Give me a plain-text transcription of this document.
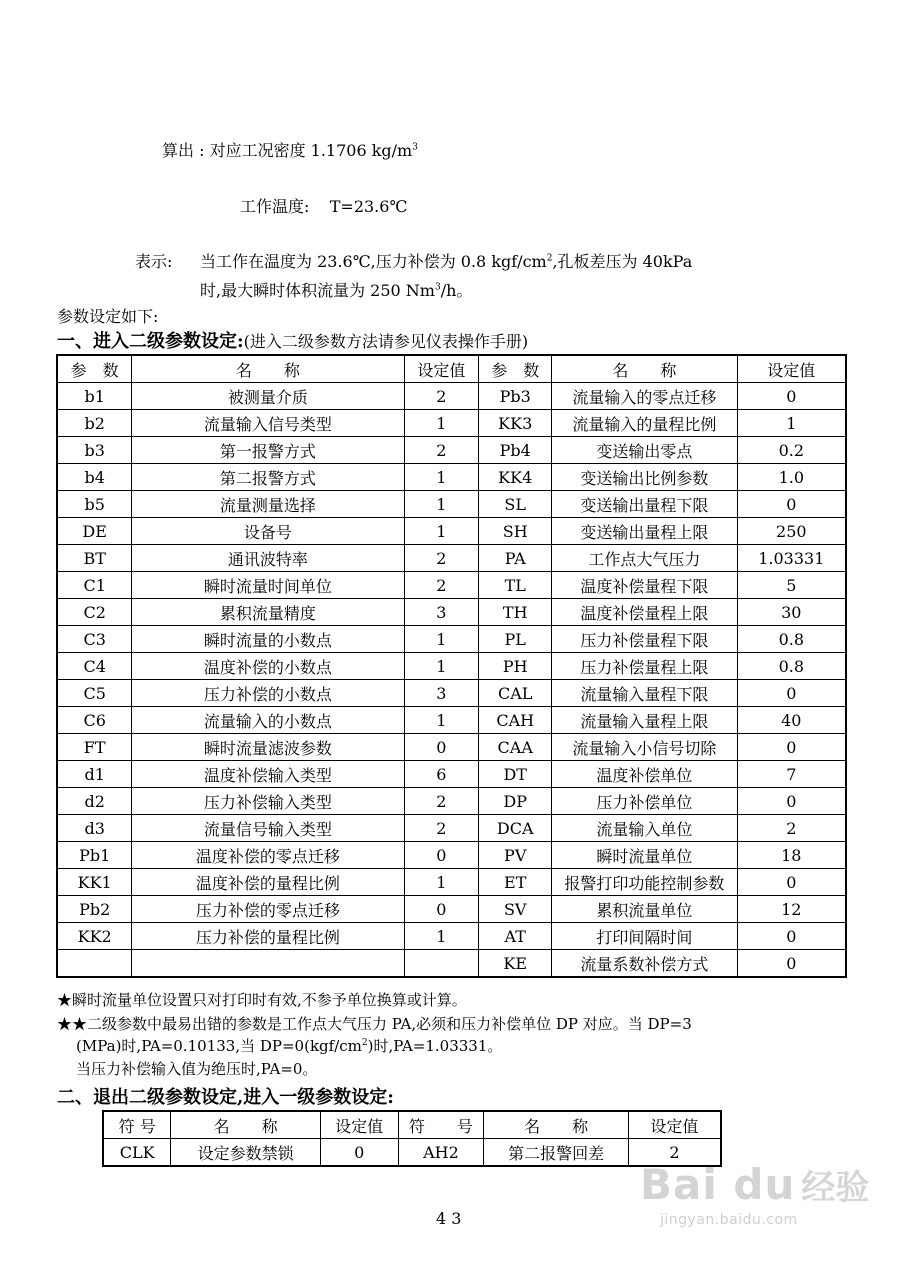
算出 : 对应工况密度 1.1706 $kg/m^3$
工作温度:    T=23.6℃
表示: 当工作在温度为 23.6℃,压力补偿为 0.8 kgf/$cm^2$,孔板差压为 40kPa
时,最大瞬时体积流量为 250 Nm$^3$/h。
参数设定如下:
一、进入二级参数设定:(进入二级参数方法请参见仪表操作手册)
参　数	名　　称	设定值	参　数	名　　称	设定值
b1	被测量介质	2	Pb3	流量输入的零点迁移	0
b2	流量输入信号类型	1	KK3	流量输入的量程比例	1
b3	第一报警方式	2	Pb4	变送输出零点	0.2
b4	第二报警方式	1	KK4	变送输出比例参数	1.0
b5	流量测量选择	1	SL	变送输出量程下限	0
DE	设备号	1	SH	变送输出量程上限	250
BT	通讯波特率	2	PA	工作点大气压力	1.03331
C1	瞬时流量时间单位	2	TL	温度补偿量程下限	5
C2	累积流量精度	3	TH	温度补偿量程上限	30
C3	瞬时流量的小数点	1	PL	压力补偿量程下限	0.8
C4	温度补偿的小数点	1	PH	压力补偿量程上限	0.8
C5	压力补偿的小数点	3	CAL	流量输入量程下限	0
C6	流量输入的小数点	1	CAH	流量输入量程上限	40
FT	瞬时流量滤波参数	0	CAA	流量输入小信号切除	0
d1	温度补偿输入类型	6	DT	温度补偿单位	7
d2	压力补偿输入类型	2	DP	压力补偿单位	0
d3	流量信号输入类型	2	DCA	流量输入单位	2
Pb1	温度补偿的零点迁移	0	PV	瞬时流量单位	18
KK1	温度补偿的量程比例	1	ET	报警打印功能控制参数	0
Pb2	压力补偿的零点迁移	0	SV	累积流量单位	12
KK2	压力补偿的量程比例	1	AT	打印间隔时间	0
			KE	流量系数补偿方式	0
★瞬时流量单位设置只对打印时有效,不参予单位换算或计算。
★★二级参数中最易出错的参数是工作点大气压力 PA,必须和压力补偿单位 DP 对应。当 DP=3
(MPa)时,PA=0.10133,当 $DP=0(kgf/cm^2)$时,PA=1.03331。
当压力补偿输入值为绝压时,PA=0。
二、退出二级参数设定,进入一级参数设定:
符 号	名　　称	设定值	符　　号	名　　称	设定值
CLK	设定参数禁锁	0	AH2	第二报警回差	2
4 3
Bai du 经验
jingyan.baidu.com
